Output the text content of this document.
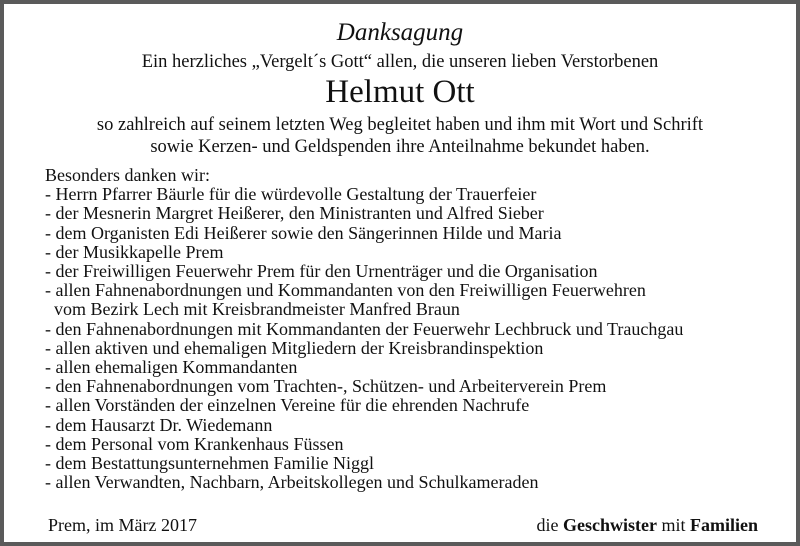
Danksagung
Ein herzliches „Vergelt´s Gott“ allen, die unseren lieben Verstorbenen
Helmut Ott
so zahlreich auf seinem letzten Weg begleitet haben und ihm mit Wort und Schrift
sowie Kerzen- und Geldspenden ihre Anteilnahme bekundet haben.
Besonders danken wir:
- Herrn Pfarrer Bäurle für die würdevolle Gestaltung der Trauerfeier
- der Mesnerin Margret Heißerer, den Ministranten und Alfred Sieber
- dem Organisten Edi Heißerer sowie den Sängerinnen Hilde und Maria
- der Musikkapelle Prem
- der Freiwilligen Feuerwehr Prem für den Urnenträger und die Organisation
- allen Fahnenabordnungen und Kommandanten von den Freiwilligen Feuerwehren
vom Bezirk Lech mit Kreisbrandmeister Manfred Braun
- den Fahnenabordnungen mit Kommandanten der Feuerwehr Lechbruck und Trauchgau
- allen aktiven und ehemaligen Mitgliedern der Kreisbrandinspektion
- allen ehemaligen Kommandanten
- den Fahnenabordnungen vom Trachten-, Schützen- und Arbeiterverein Prem
- allen Vorständen der einzelnen Vereine für die ehrenden Nachrufe
- dem Hausarzt Dr. Wiedemann
- dem Personal vom Krankenhaus Füssen
- dem Bestattungsunternehmen Familie Niggl
- allen Verwandten, Nachbarn, Arbeitskollegen und Schulkameraden
Prem, im März 2017	die Geschwister mit Familien
